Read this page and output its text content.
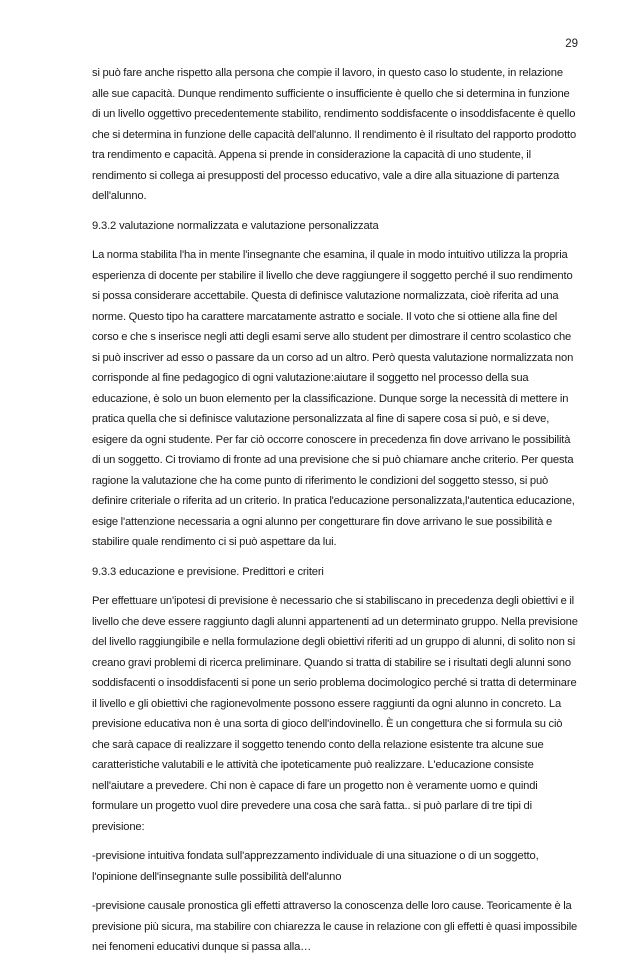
29

si può fare anche rispetto alla persona che compie il lavoro, in questo caso lo studente, in relazione alle sue capacità. Dunque rendimento sufficiente o insufficiente è quello che si determina in funzione di un livello oggettivo precedentemente stabilito, rendimento soddisfacente o insoddisfacente è quello che si determina in funzione delle capacità dell'alunno. Il rendimento è il risultato del rapporto prodotto tra rendimento e capacità. Appena si prende in considerazione la capacità di uno studente, il rendimento si collega ai presupposti del processo educativo, vale a dire alla situazione di partenza dell'alunno.

9.3.2 valutazione normalizzata e valutazione personalizzata

La norma stabilita l'ha in mente l'insegnante che esamina, il quale in modo intuitivo utilizza la propria esperienza di docente per stabilire il livello che deve raggiungere il soggetto perché il suo rendimento si possa considerare accettabile. Questa di definisce valutazione normalizzata, cioè riferita ad una norme. Questo tipo ha carattere marcatamente astratto e sociale. Il voto che si ottiene alla fine del corso e che s inserisce negli atti degli esami serve allo student per dimostrare il centro scolastico che si può inscriver ad esso o passare da un corso ad un altro. Però questa valutazione normalizzata non corrisponde al fine pedagogico di ogni valutazione:aiutare il soggetto nel processo della sua educazione, è solo un buon elemento per la classificazione. Dunque sorge la necessità di mettere in pratica quella che si definisce valutazione personalizzata al fine di sapere cosa si può, e si deve, esigere da ogni studente. Per far ciò occorre conoscere in precedenza fin dove arrivano le possibilità di un soggetto. Ci troviamo di fronte ad una previsione che si può chiamare anche criterio. Per questa ragione la valutazione che ha come punto di riferimento le condizioni del soggetto stesso, si può definire criteriale o riferita ad un criterio. In pratica l'educazione personalizzata,l'autentica educazione, esige l'attenzione necessaria a ogni alunno per congetturare fin dove arrivano le sue possibilità e stabilire quale rendimento ci si può aspettare da lui.

9.3.3 educazione e previsione. Predittori e criteri

Per effettuare un'ipotesi di previsione è necessario che si stabiliscano in precedenza degli obiettivi e il livello che deve essere raggiunto dagli alunni appartenenti ad un determinato gruppo. Nella previsione del livello raggiungibile e nella formulazione degli obiettivi riferiti ad un gruppo di alunni, di solito non si creano gravi problemi di ricerca preliminare. Quando si tratta di stabilire se i risultati degli alunni sono soddisfacenti o insoddisfacenti si pone un serio problema docimologico perché si tratta di determinare il livello e gli obiettivi che ragionevolmente possono essere raggiunti da ogni alunno in concreto. La previsione educativa non è una sorta di gioco dell'indovinello. È un congettura che si formula su ciò che sarà capace di realizzare il soggetto tenendo conto della relazione esistente tra alcune sue caratteristiche valutabili e le attività che ipoteticamente può realizzare. L'educazione consiste nell'aiutare a prevedere. Chi non è capace di fare un progetto non è veramente uomo e quindi formulare un progetto vuol dire prevedere una cosa che sarà fatta.. si può parlare di tre tipi di previsione:

-previsione intuitiva fondata sull'apprezzamento individuale di una situazione o di un soggetto, l'opinione dell'insegnante sulle possibilità dell'alunno

-previsione causale pronostica gli effetti attraverso la conoscenza delle loro cause. Teoricamente è la previsione più sicura, ma stabilire con chiarezza le cause in relazione con gli effetti è quasi impossibile nei fenomeni educativi dunque si passa alla…
